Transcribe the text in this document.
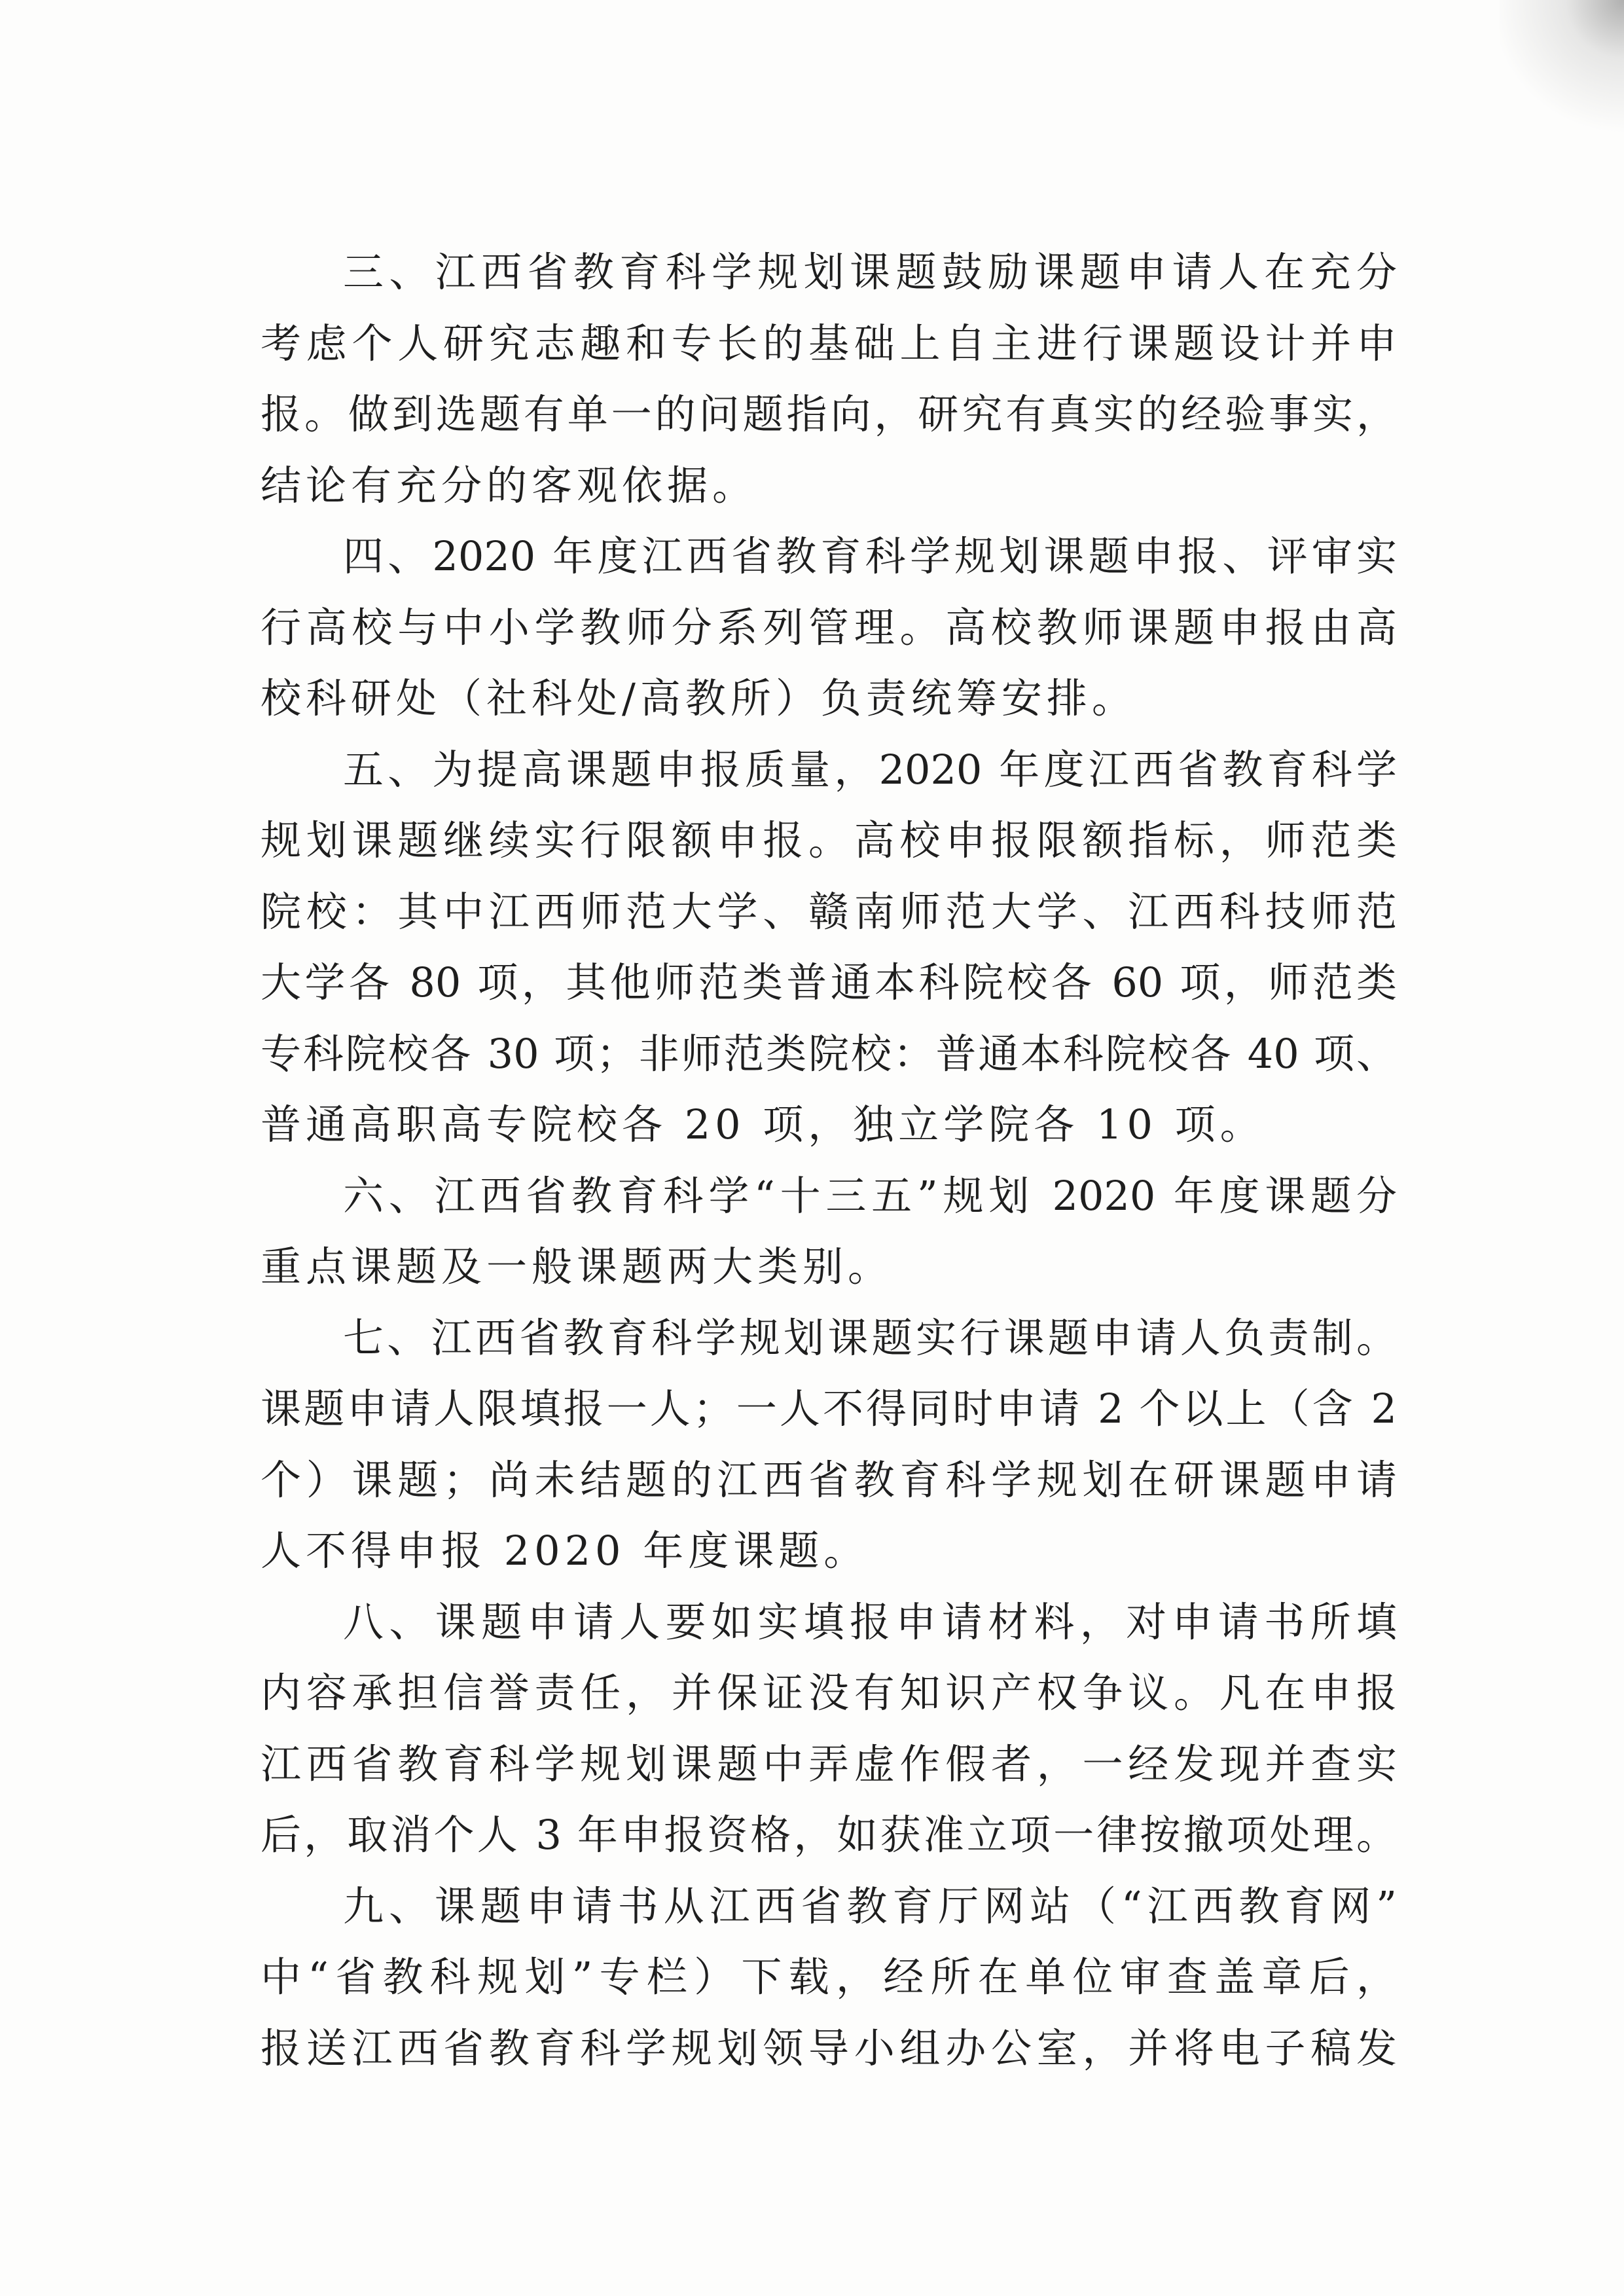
三、江西省教育科学规划课题鼓励课题申请人在充分
考虑个人研究志趣和专长的基础上自主进行课题设计并申
报。做到选题有单一的问题指向，研究有真实的经验事实，
结论有充分的客观依据。
四、2020 年度江西省教育科学规划课题申报、评审实
行高校与中小学教师分系列管理。高校教师课题申报由高
校科研处（社科处/高教所）负责统筹安排。
五、为提高课题申报质量，2020 年度江西省教育科学
规划课题继续实行限额申报。高校申报限额指标，师范类
院校：其中江西师范大学、赣南师范大学、江西科技师范
大学各 80 项，其他师范类普通本科院校各 60 项，师范类
专科院校各 30 项；非师范类院校：普通本科院校各 40 项、
普通高职高专院校各 20 项，独立学院各 10 项。
六、江西省教育科学“十三五”规划 2020 年度课题分
重点课题及一般课题两大类别。
七、江西省教育科学规划课题实行课题申请人负责制。
课题申请人限填报一人；一人不得同时申请 2 个以上（含 2
个）课题；尚未结题的江西省教育科学规划在研课题申请
人不得申报 2020 年度课题。
八、课题申请人要如实填报申请材料，对申请书所填
内容承担信誉责任，并保证没有知识产权争议。凡在申报
江西省教育科学规划课题中弄虚作假者，一经发现并查实
后，取消个人 3 年申报资格，如获准立项一律按撤项处理。
九、课题申请书从江西省教育厅网站（“江西教育网”
中“省教科规划”专栏）下载，经所在单位审查盖章后，
报送江西省教育科学规划领导小组办公室，并将电子稿发
